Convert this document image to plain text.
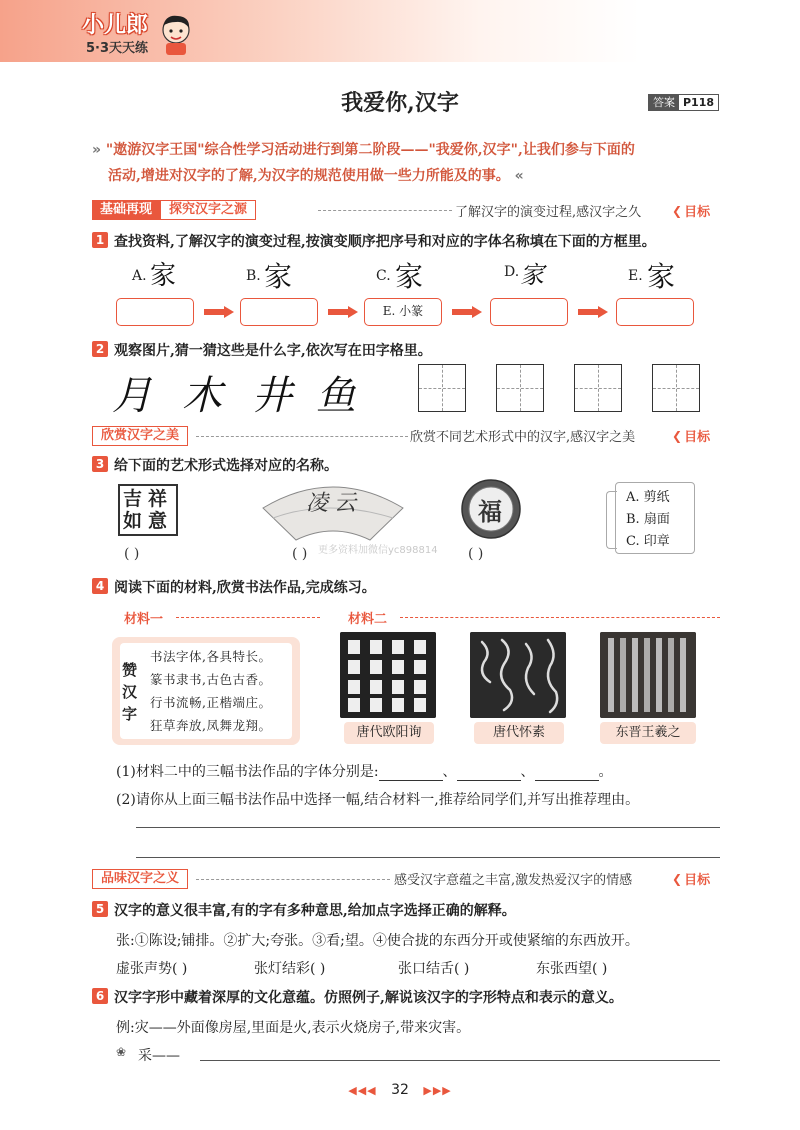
小儿郎
5·3天天练
我爱你,汉字	答案 P118
» "遨游汉字王国"综合性学习活动进行到第二阶段——"我爱你,汉字",让我们参与下面的
活动,增进对汉字的了解,为汉字的规范使用做一些力所能及的事。 «
基础再现	探究汉字之源	了解汉字的演变过程,感汉字之久	❮ 目标
1 查找资料,了解汉字的演变过程,按演变顺序把序号和对应的字体名称填在下面的方框里。
A. 家	B. 家	C. 家	D. 家	E. 家
E. 小篆
2 观察图片,猜一猜这些是什么字,依次写在田字格里。
月 木 井 鱼
欣赏汉字之美	欣赏不同艺术形式中的汉字,感汉字之美	❮ 目标
3 给下面的艺术形式选择对应的名称。
吉祥如意
( )
凌云
( )
福
( )
A. 剪纸
B. 扇面
C. 印章
更多资料加微信yc898814
4 阅读下面的材料,欣赏书法作品,完成练习。
材料一	材料二
赞汉字
书法字体,各具特长。
篆书隶书,古色古香。
行书流畅,正楷端庄。
狂草奔放,凤舞龙翔。	唐代欧阳询	唐代怀素	东晋王羲之
(1)材料二中的三幅书法作品的字体分别是:	、	、	。
(2)请你从上面三幅书法作品中选择一幅,结合材料一,推荐给同学们,并写出推荐理由。
品味汉字之义	感受汉字意蕴之丰富,激发热爱汉字的情感	❮ 目标
5 汉字的意义很丰富,有的字有多种意思,给加点字选择正确的解释。
张:①陈设;铺排。②扩大;夸张。③看;望。④使合拢的东西分开或使紧缩的东西放开。
虚张声势( )	张灯结彩( )	张口结舌( )	东张西望( )
6 汉字字形中藏着深厚的文化意蕴。仿照例子,解说该汉字的字形特点和表示的意义。
例:灾——外面像房屋,里面是火,表示火烧房子,带来灾害。
❀ 采——
◀◀◀ 32 ▶▶▶
